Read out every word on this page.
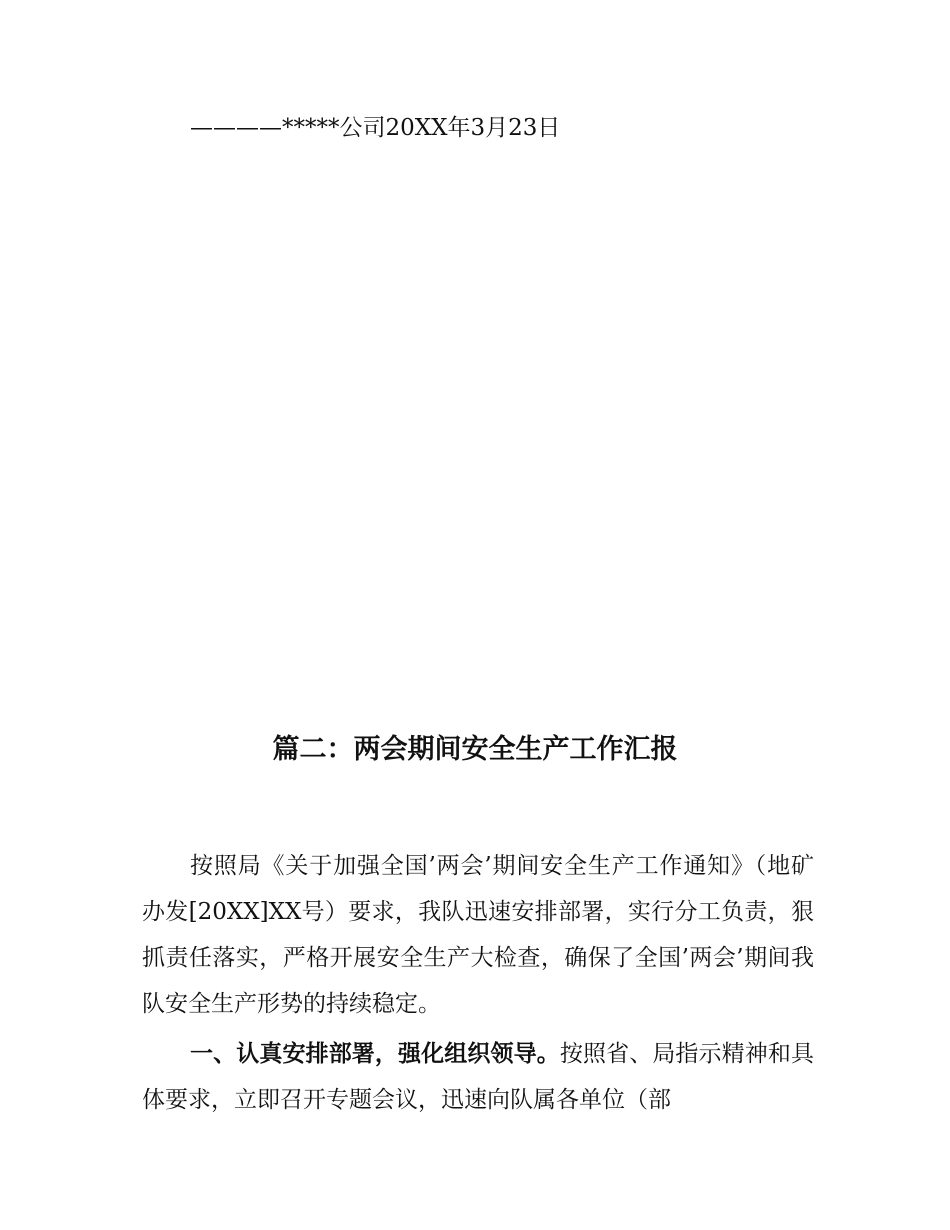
————*****公司20XX年3月23日
篇二：两会期间安全生产工作汇报
按照局《关于加强全国’两会’期间安全生产工作通知》（地矿办发[20XX]XX号）要求，我队迅速安排部署，实行分工负责，狠抓责任落实，严格开展安全生产大检查，确保了全国’两会’期间我队安全生产形势的持续稳定。
一、认真安排部署，强化组织领导。按照省、局指示精神和具体要求，立即召开专题会议，迅速向队属各单位（部
